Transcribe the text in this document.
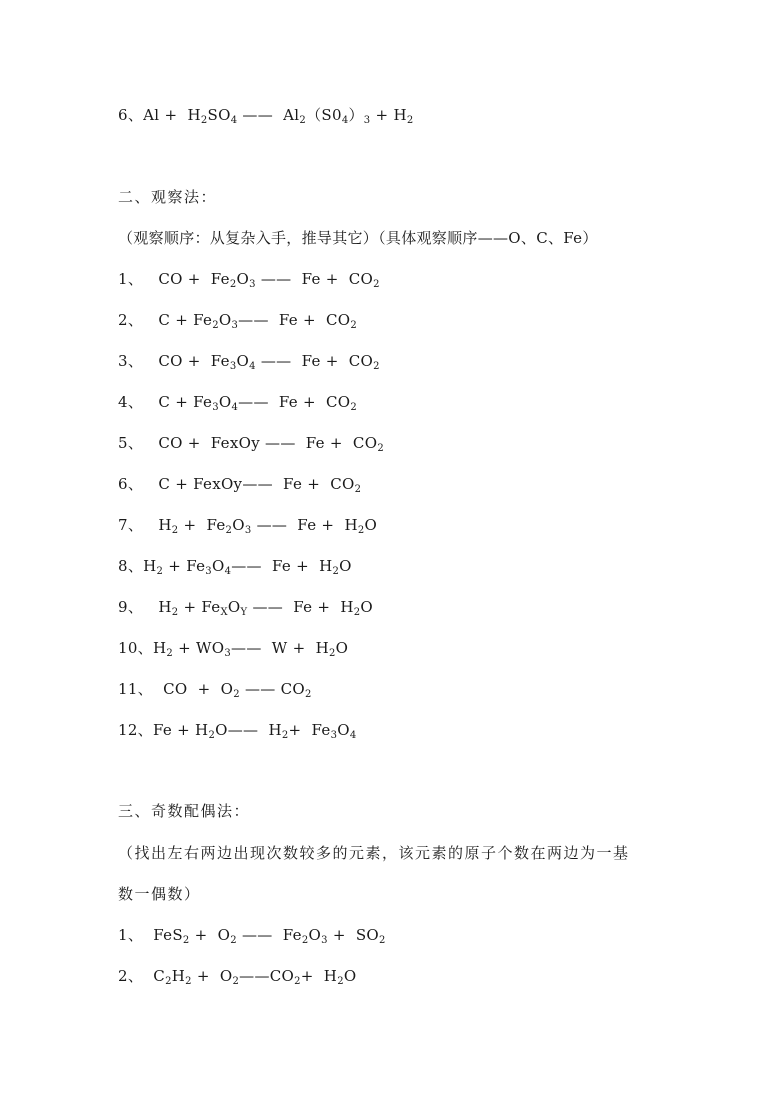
6、$Al + H_2SO_4$ ——  $Al_2(S0_4)_3 + H_2$
二、观察法：
（观察顺序：从复杂入手，推导其它）（具体观察顺序——O、C、Fe）
1、   CO +  $Fe_2O_3$ ——  $Fe + CO_2$
2、   $C + Fe_2O_3——$  $Fe + CO_2$
3、   CO +  $Fe_3O_4$ ——  $Fe + CO_2$
4、   $C + Fe_3O_4——$  $Fe + CO_2$
5、   CO +  FexOy ——  $Fe + CO_2$
6、   C + FexOy——  $Fe + CO_2$
7、   $H_2 + Fe_2O_3$ ——  $Fe + H_2O$
8、$H_2$ + $Fe_3O_4——$  $Fe + H_2O$
9、   $H_2 + Fe_XO_Y$ ——  $Fe + H_2O$
10、$H_2$ + $WO_3——$  $W + H_2O$
11、  CO  +  $O_2$ —— $CO_2$
12、$Fe + H_2O——$  $H_2+ Fe_3O_4$
三、奇数配偶法：
（找出左右两边出现次数较多的元素，该元素的原子个数在两边为一基
数一偶数）
1、  $FeS_2 + O_2$ ——  $Fe_2O_3 + SO_2$
2、  $C_2H_2$ +  $O_2——CO_2+ H_2O$
